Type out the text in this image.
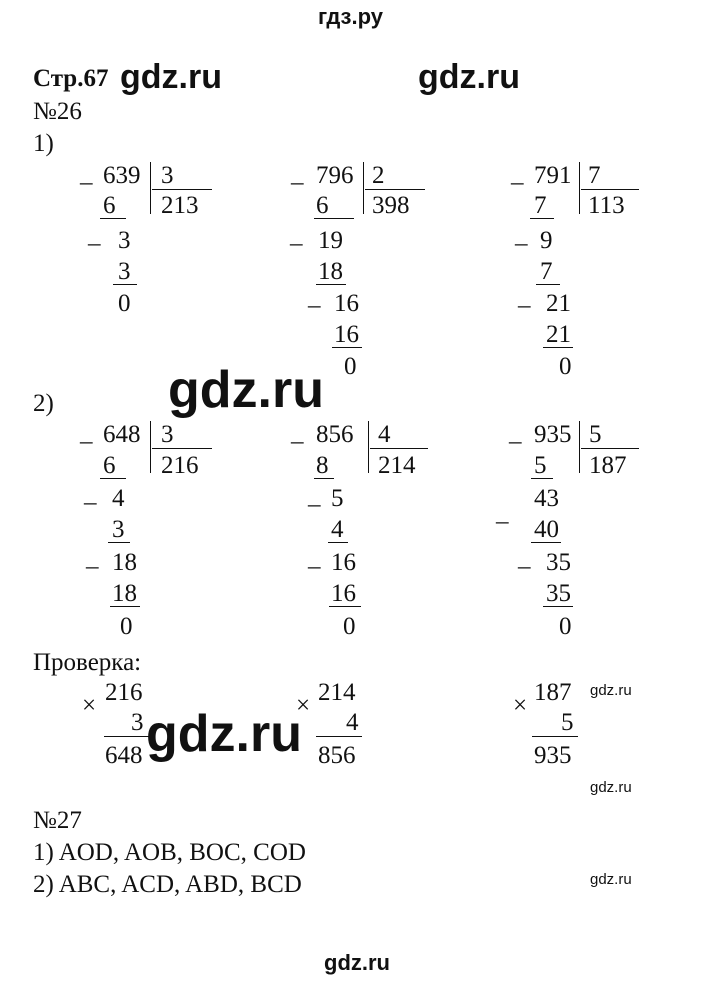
гдз.ру
Стр.67 gdz.ru	gdz.ru
№26
1)
_ 639 3
213
6
_ 3
3
0
_ 796 2
398
6
_ 19
18
_ 16
16
0
_ 791 7
113
7
_ 9
7
_ 21
21
0
gdz.ru
2)
_ 648 3
216
6
_ 4
3
_ 18
18
0
_ 856 4
214
8
_ 5
4
_ 16
16
0
_ 935 5
187
5
_
43
40
_ 35
35
0
Проверка:
× 216
3
648
× 214
4
856
× 187
5
935
gdz.ru
gdz.ru
gdz.ru
gdz.ru
№27
1) AOD, AOB, BOC, COD
2) ABC, ACD, ABD, BCD
gdz.ru
